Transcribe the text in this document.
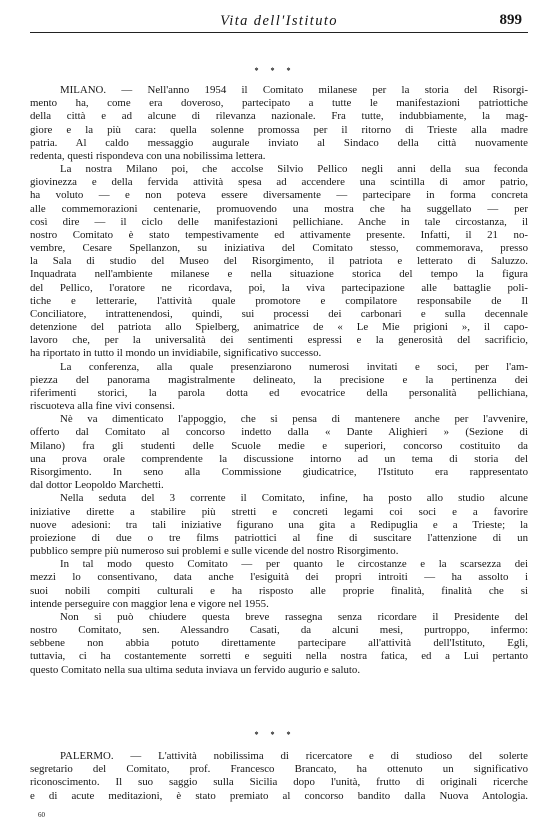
Vita dell'Istituto	899
* * *
MILANO. — Nell'anno 1954 il Comitato milanese per la storia del Risorgi-
mento ha, come era doveroso, partecipato a tutte le manifestazioni patriottiche
della città e ad alcune di rilevanza nazionale. Fra tutte, indubbiamente, la mag-
giore e la più cara: quella solenne promossa per il ritorno di Trieste alla madre
patria. Al caldo messaggio augurale inviato al Sindaco della città nuovamente
redenta, questi rispondeva con una nobilissima lettera.
La nostra Milano poi, che accolse Silvio Pellico negli anni della sua feconda
giovinezza e della fervida attività spesa ad accendere una scintilla di amor patrio,
ha voluto — e non poteva essere diversamente — partecipare in forma concreta
alle commemorazioni centenarie, promuovendo una mostra che ha suggellato — per
così dire — il ciclo delle manifestazioni pellichiane. Anche in tale circostanza, il
nostro Comitato è stato tempestivamente ed attivamente presente. Infatti, il 21 no-
vembre, Cesare Spellanzon, su iniziativa del Comitato stesso, commemorava, presso
la Sala di studio del Museo del Risorgimento, il patriota e letterato di Saluzzo.
Inquadrata nell'ambiente milanese e nella situazione storica del tempo la figura
del Pellico, l'oratore ne ricordava, poi, la viva partecipazione alle battaglie poli-
tiche e letterarie, l'attività quale promotore e compilatore responsabile de Il
Conciliatore, intrattenendosi, quindi, sui processi dei carbonari e sulla decennale
detenzione del patriota allo Spielberg, animatrice de « Le Mie prigioni », il capo-
lavoro che, per la universalità dei sentimenti espressi e la generosità del sacrificio,
ha riportato in tutto il mondo un invidiabile, significativo successo.
La conferenza, alla quale presenziarono numerosi invitati e soci, per l'am-
piezza del panorama magistralmente delineato, la precisione e la pertinenza dei
riferimenti storici, la parola dotta ed evocatrice della personalità pellichiana,
riscuoteva alla fine vivi consensi.
Nè va dimenticato l'appoggio, che si pensa di mantenere anche per l'avvenire,
offerto dal Comitato al concorso indetto dalla « Dante Alighieri » (Sezione di
Milano) fra gli studenti delle Scuole medie e superiori, concorso costituito da
una prova orale comprendente la discussione intorno ad un tema di storia del
Risorgimento. In seno alla Commissione giudicatrice, l'Istituto era rappresentato
dal dottor Leopoldo Marchetti.
Nella seduta del 3 corrente il Comitato, infine, ha posto allo studio alcune
iniziative dirette a stabilire più stretti e concreti legami coi soci e a favorire
nuove adesioni: tra tali iniziative figurano una gita a Redipuglia e a Trieste; la
proiezione di due o tre films patriottici al fine di suscitare l'attenzione di un
pubblico sempre più numeroso sui problemi e sulle vicende del nostro Risorgimento.
In tal modo questo Comitato — per quanto le circostanze e la scarsezza dei
mezzi lo consentivano, data anche l'esiguità dei propri introiti — ha assolto i
suoi nobili compiti culturali e ha risposto alle proprie finalità, finalità che si
intende perseguire con maggior lena e vigore nel 1955.
Non si può chiudere questa breve rassegna senza ricordare il Presidente del
nostro Comitato, sen. Alessandro Casati, da alcuni mesi, purtroppo, infermo:
sebbene non abbia potuto direttamente partecipare all'attività dell'Istituto, Egli,
tuttavia, ci ha costantemente sorretti e seguiti nella nostra fatica, ed a Lui pertanto
questo Comitato nella sua ultima seduta inviava un fervido augurio e saluto.
* * *
PALERMO. — L'attività nobilissima di ricercatore e di studioso del solerte
segretario del Comitato, prof. Francesco Brancato, ha ottenuto un significativo
riconoscimento. Il suo saggio sulla Sicilia dopo l'unità, frutto di originali ricerche
e di acute meditazioni, è stato premiato al concorso bandito dalla Nuova Antologia.
60
